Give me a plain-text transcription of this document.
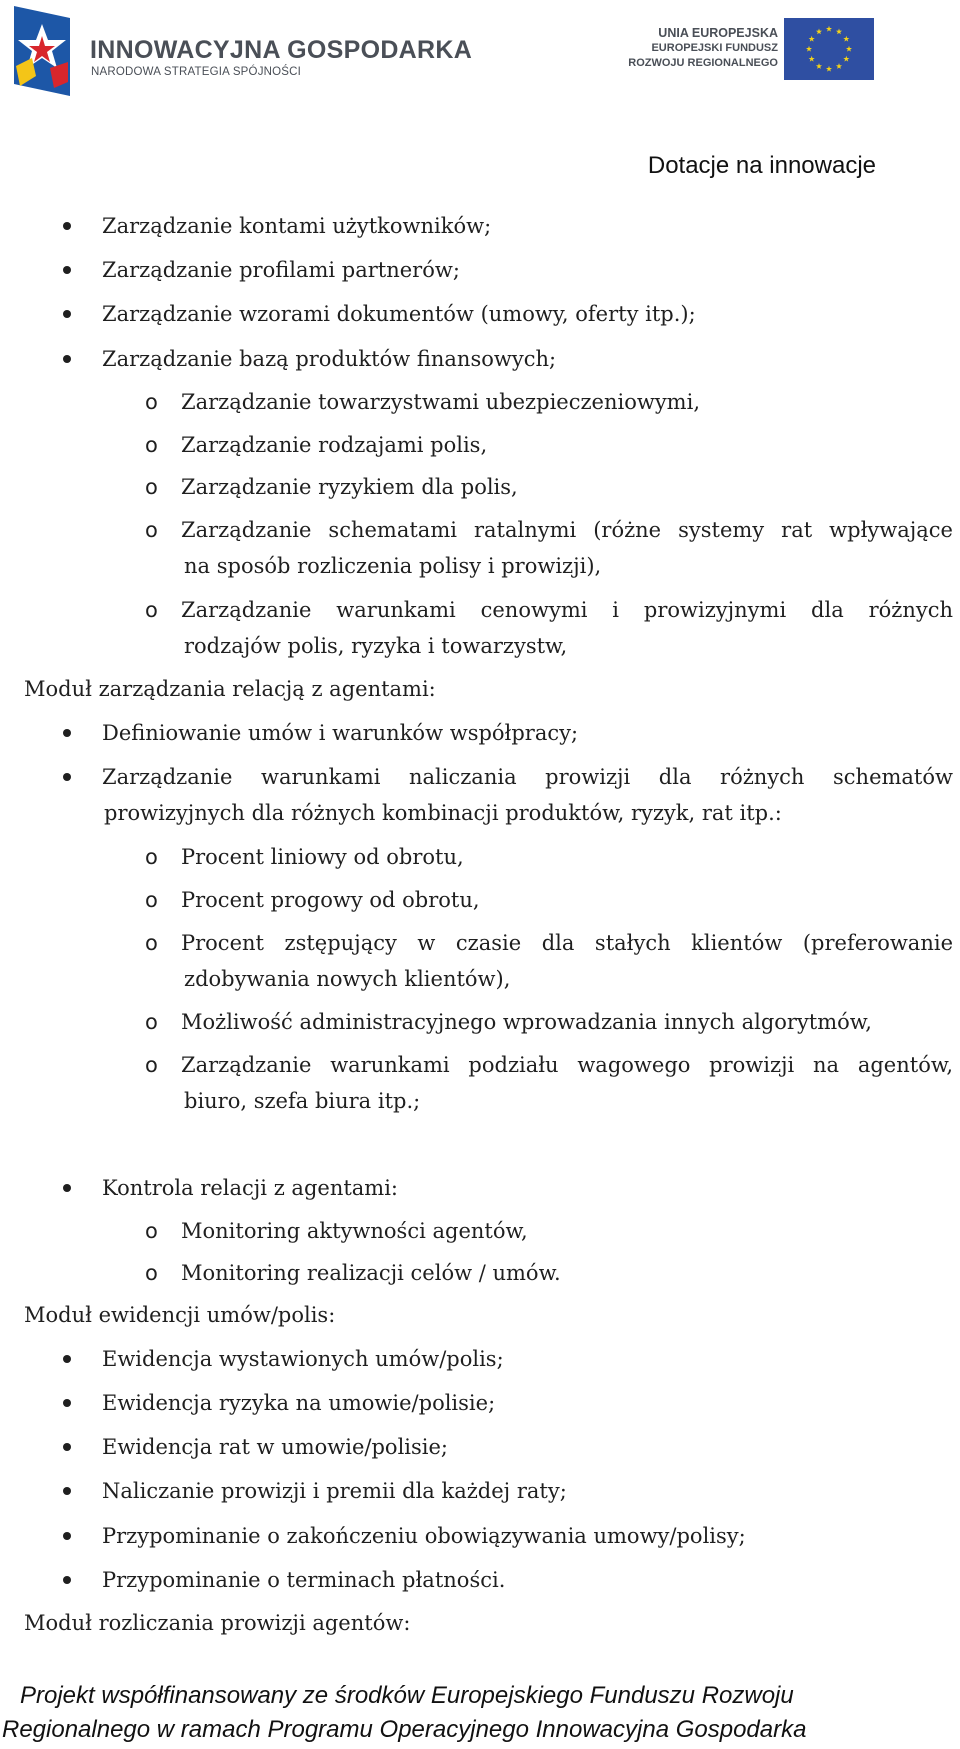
INNOWACYJNA GOSPODARKA
NARODOWA STRATEGIA SPÓJNOŚCI
UNIA EUROPEJSKA
EUROPEJSKI FUNDUSZ
ROZWOJU REGIONALNEGO
Dotacje na innowacje
Zarządzanie kontami użytkowników;
Zarządzanie profilami partnerów;
Zarządzanie wzorami dokumentów (umowy, oferty itp.);
Zarządzanie bazą produktów finansowych;
o Zarządzanie towarzystwami ubezpieczeniowymi,
o Zarządzanie rodzajami polis,
o Zarządzanie ryzykiem dla polis,
o Zarządzanie schematami ratalnymi (różne systemy rat wpływające
na sposób rozliczenia polisy i prowizji),
o Zarządzanie warunkami cenowymi i prowizyjnymi dla różnych
rodzajów polis, ryzyka i towarzystw,
Moduł zarządzania relacją z agentami:
Definiowanie umów i warunków współpracy;
Zarządzanie warunkami naliczania prowizji dla różnych schematów
prowizyjnych dla różnych kombinacji produktów, ryzyk, rat itp.:
o Procent liniowy od obrotu,
o Procent progowy od obrotu,
o Procent zstępujący w czasie dla stałych klientów (preferowanie
zdobywania nowych klientów),
o Możliwość administracyjnego wprowadzania innych algorytmów,
o Zarządzanie warunkami podziału wagowego prowizji na agentów,
biuro, szefa biura itp.;
Kontrola relacji z agentami:
o Monitoring aktywności agentów,
o Monitoring realizacji celów / umów.
Moduł ewidencji umów/polis:
Ewidencja wystawionych umów/polis;
Ewidencja ryzyka na umowie/polisie;
Ewidencja rat w umowie/polisie;
Naliczanie prowizji i premii dla każdej raty;
Przypominanie o zakończeniu obowiązywania umowy/polisy;
Przypominanie o terminach płatności.
Moduł rozliczania prowizji agentów:
Projekt współfinansowany ze środków Europejskiego Funduszu Rozwoju
Regionalnego w ramach Programu Operacyjnego Innowacyjna Gospodarka
